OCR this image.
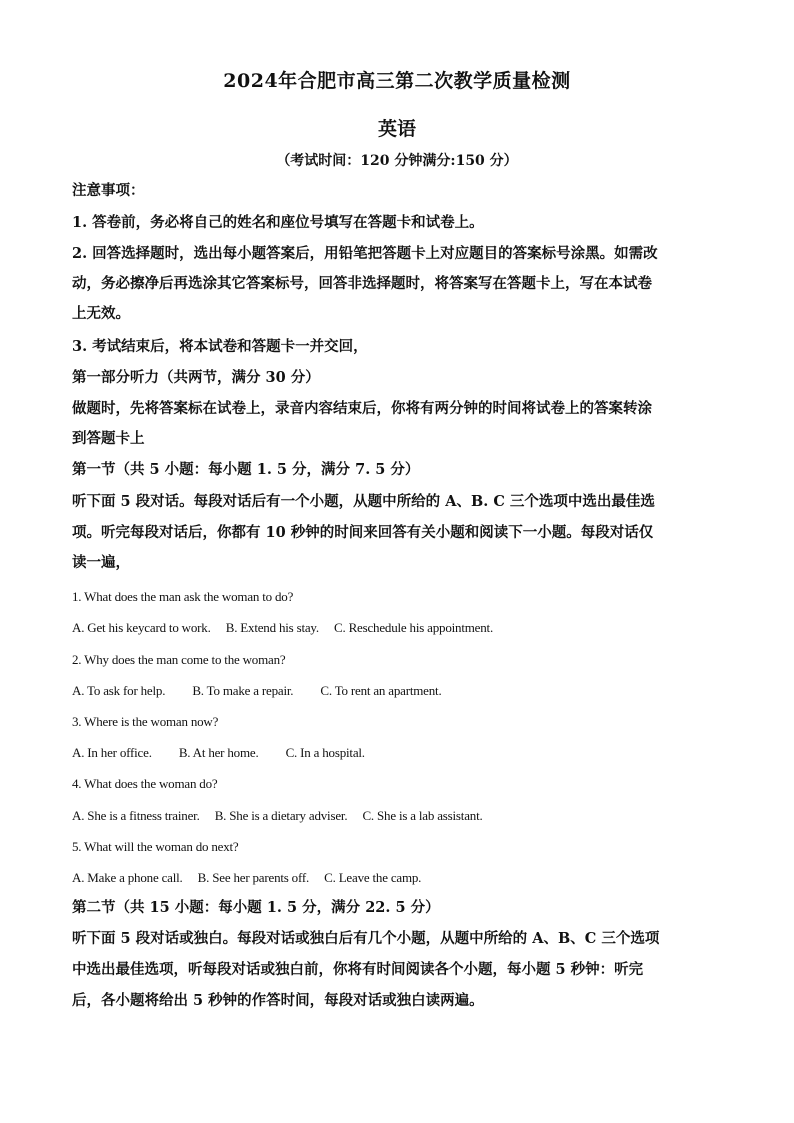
2024年合肥市高三第二次教学质量检测
英语
（考试时间：120 分钟满分:150 分）
注意事项：
1. 答卷前，务必将自己的姓名和座位号填写在答题卡和试卷上。
2. 回答选择题时，选出每小题答案后，用铅笔把答题卡上对应题目的答案标号涂黑。如需改
动，务必擦净后再选涂其它答案标号，回答非选择题时，将答案写在答题卡上，写在本试卷
上无效。
3. 考试结束后，将本试卷和答题卡一并交回，
第一部分听力（共两节，满分 30 分）
做题时，先将答案标在试卷上，录音内容结束后，你将有两分钟的时间将试卷上的答案转涂
到答题卡上
第一节（共 5 小题：每小题 1. 5 分，满分 7. 5 分）
听下面 5 段对话。每段对话后有一个小题，从题中所给的 A、B. C 三个选项中选出最佳选
项。听完每段对话后，你都有 10 秒钟的时间来回答有关小题和阅读下一小题。每段对话仅
读一遍，
1. What does the man ask the woman to do?
A. Get his keycard to work. B. Extend his stay. C. Reschedule his appointment.
2. Why does the man come to the woman?
A. To ask for help. B. To make a repair. C. To rent an apartment.
3. Where is the woman now?
A. In her office. B. At her home. C. In a hospital.
4. What does the woman do?
A. She is a fitness trainer. B. She is a dietary adviser. C. She is a lab assistant.
5. What will the woman do next?
A. Make a phone call. B. See her parents off. C. Leave the camp.
第二节（共 15 小题：每小题 1. 5 分，满分 22. 5 分）
听下面 5 段对话或独白。每段对话或独白后有几个小题，从题中所给的 A、B、C 三个选项
中选出最佳选项，听每段对话或独白前，你将有时间阅读各个小题，每小题 5 秒钟：听完
后，各小题将给出 5 秒钟的作答时间，每段对话或独白读两遍。
